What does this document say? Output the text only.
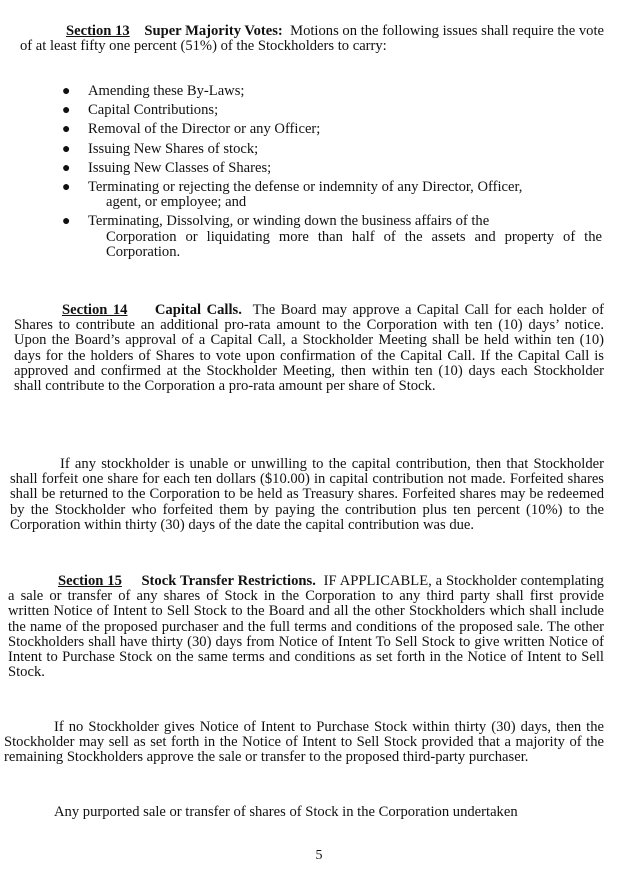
Section 13 Super Majority Votes: Motions on the following issues shall require the vote of at least fifty one percent (51%) of the Stockholders to carry:
● Amending these By-Laws;
● Capital Contributions;
● Removal of the Director or any Officer;
● Issuing New Shares of stock;
● Issuing New Classes of Shares;
● Terminating or rejecting the defense or indemnity of any Director, Officer,
agent, or employee; and
● Terminating, Dissolving, or winding down the business affairs of the
Corporation or liquidating more than half of the assets and property of the Corporation.
Section 14 Capital Calls. The Board may approve a Capital Call for each holder of Shares to contribute an additional pro-rata amount to the Corporation with ten (10) days’ notice. Upon the Board’s approval of a Capital Call, a Stockholder Meeting shall be held within ten (10) days for the holders of Shares to vote upon confirmation of the Capital Call. If the Capital Call is approved and confirmed at the Stockholder Meeting, then within ten (10) days each Stockholder shall contribute to the Corporation a pro-rata amount per share of Stock.
If any stockholder is unable or unwilling to the capital contribution, then that Stockholder shall forfeit one share for each ten dollars ($10.00) in capital contribution not made. Forfeited shares shall be returned to the Corporation to be held as Treasury shares. Forfeited shares may be redeemed by the Stockholder who forfeited them by paying the contribution plus ten percent (10%) to the Corporation within thirty (30) days of the date the capital contribution was due.
Section 15 Stock Transfer Restrictions. IF APPLICABLE, a Stockholder contemplating a sale or transfer of any shares of Stock in the Corporation to any third party shall first provide written Notice of Intent to Sell Stock to the Board and all the other Stockholders which shall include the name of the proposed purchaser and the full terms and conditions of the proposed sale. The other Stockholders shall have thirty (30) days from Notice of Intent To Sell Stock to give written Notice of Intent to Purchase Stock on the same terms and conditions as set forth in the Notice of Intent to Sell Stock.
If no Stockholder gives Notice of Intent to Purchase Stock within thirty (30) days, then the Stockholder may sell as set forth in the Notice of Intent to Sell Stock provided that a majority of the remaining Stockholders approve the sale or transfer to the proposed third-party purchaser.
Any purported sale or transfer of shares of Stock in the Corporation undertaken
5
